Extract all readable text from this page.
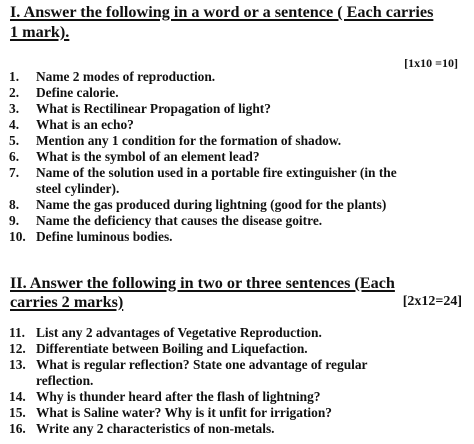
I. Answer the following in a word or a sentence ( Each carries
1 mark).
[1x10 =10]
1. Name 2 modes of reproduction.
2. Define calorie.
3. What is Rectilinear Propagation of light?
4. What is an echo?
5. Mention any 1 condition for the formation of shadow.
6. What is the symbol of an element lead?
7. Name of the solution used in a portable fire extinguisher (in the
steel cylinder).
8. Name the gas produced during lightning (good for the plants)
9. Name the deficiency that causes the disease goitre.
10. Define luminous bodies.
II. Answer the following in two or three sentences (Each
carries 2 marks)	[2x12=24]
11. List any 2 advantages of Vegetative Reproduction.
12. Differentiate between Boiling and Liquefaction.
13. What is regular reflection? State one advantage of regular
reflection.
14. Why is thunder heard after the flash of lightning?
15. What is Saline water? Why is it unfit for irrigation?
16. Write any 2 characteristics of non-metals.
